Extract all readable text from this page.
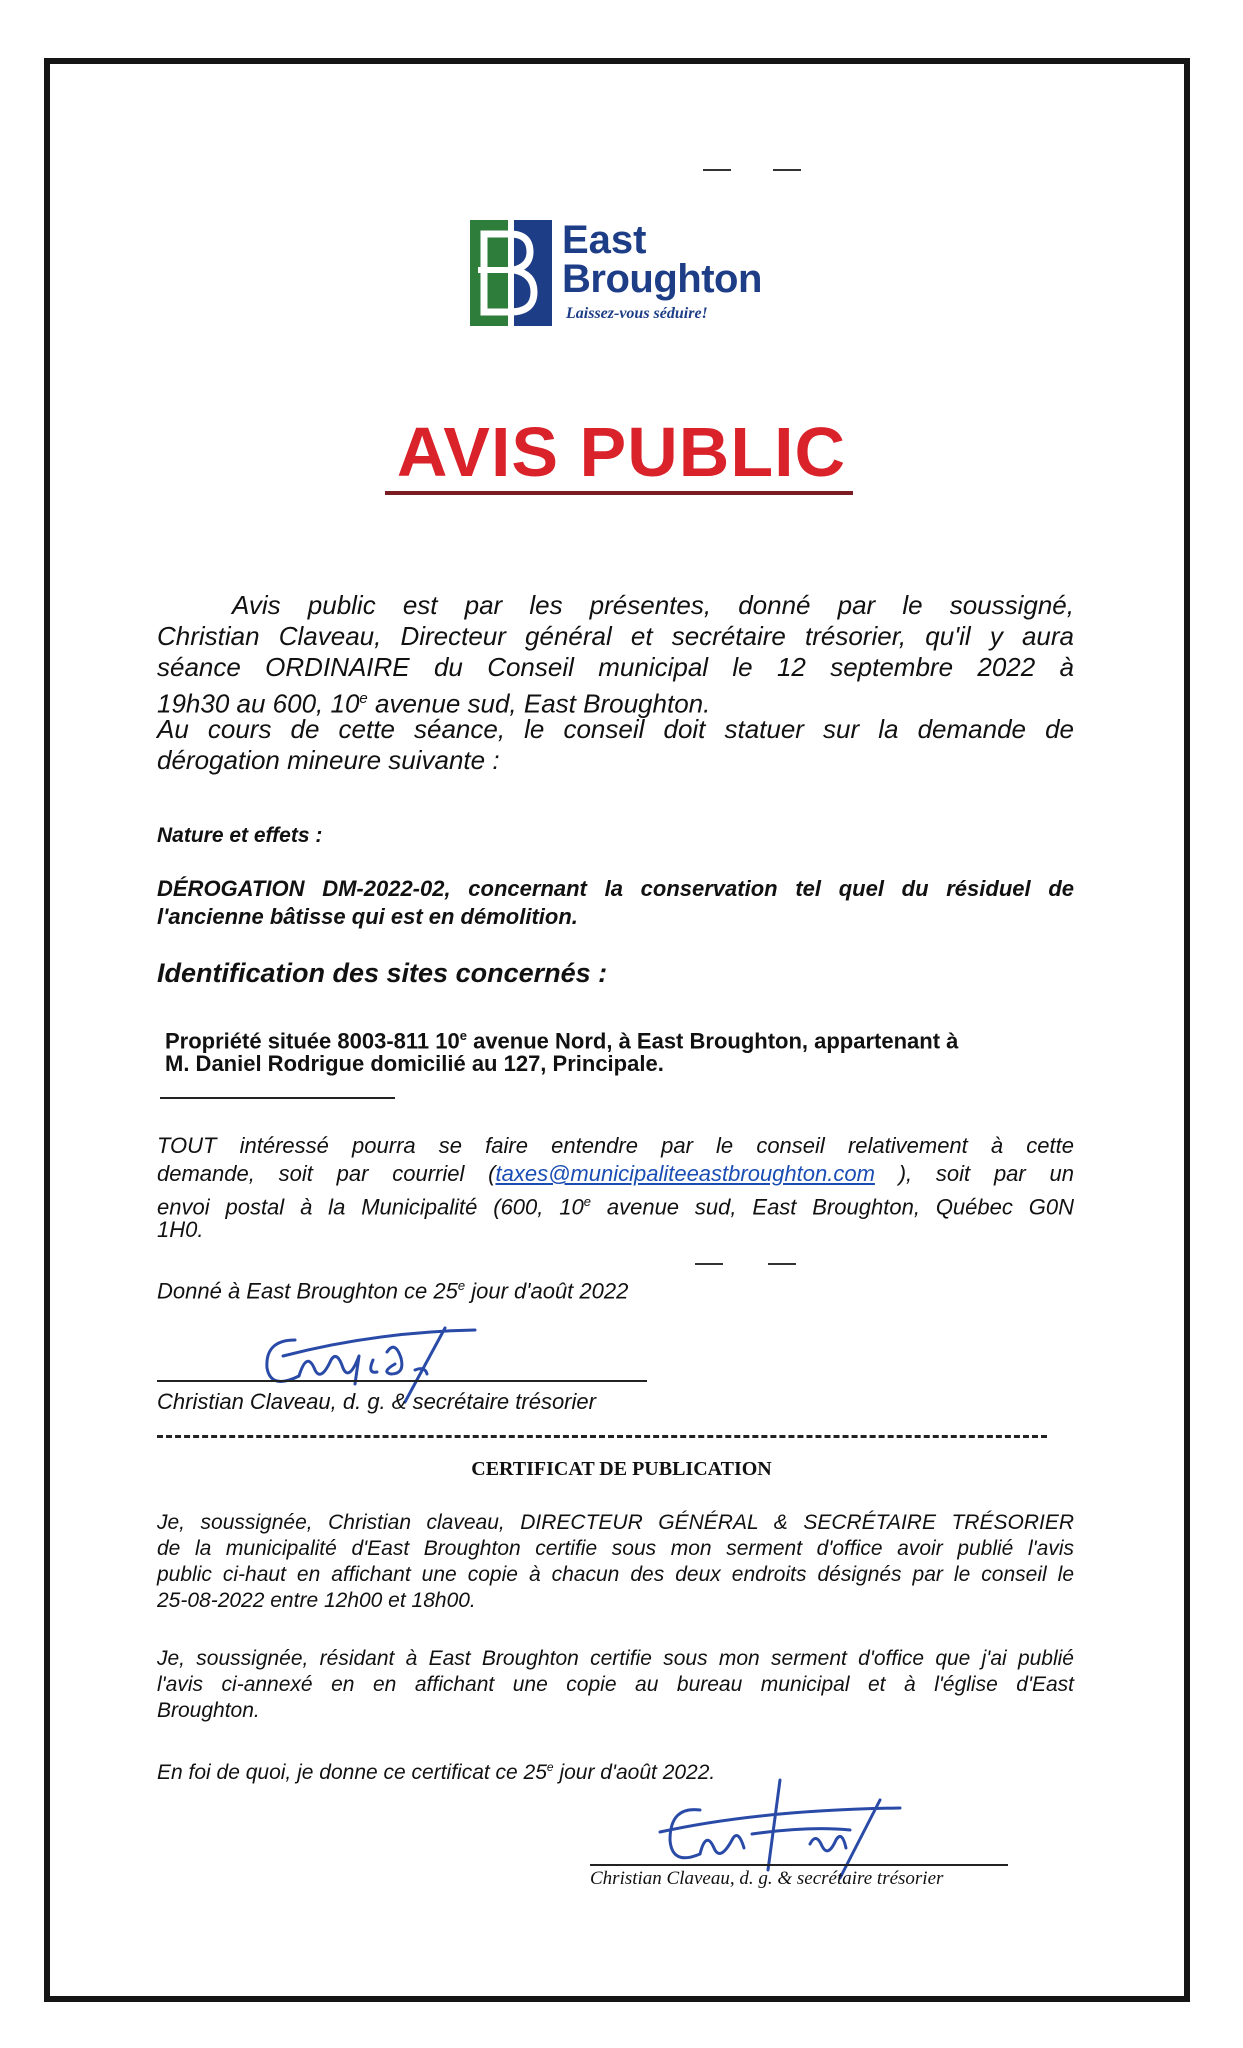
East
Broughton
Laissez-vous séduire!
AVIS PUBLIC
Avis public est par les présentes, donné par le soussigné,
Christian Claveau, Directeur général et secrétaire trésorier, qu'il y aura
séance ORDINAIRE du Conseil municipal le 12 septembre 2022 à
19h30 au 600, 10e avenue sud, East Broughton.
Au cours de cette séance, le conseil doit statuer sur la demande de
dérogation mineure suivante :
Nature et effets :
DÉROGATION DM-2022-02, concernant la conservation tel quel du résiduel de
l'ancienne bâtisse qui est en démolition.
Identification des sites concernés :
Propriété située 8003-811 10e avenue Nord, à East Broughton, appartenant à
M. Daniel Rodrigue domicilié au 127, Principale.
TOUT intéressé pourra se faire entendre par le conseil relativement à cette
demande, soit par courriel (taxes@municipaliteeastbroughton.com ), soit par un
envoi postal à la Municipalité (600, 10e avenue sud, East Broughton, Québec G0N
1H0.
Donné à East Broughton ce 25e jour d'août 2022
Christian Claveau, d. g. & secrétaire trésorier
CERTIFICAT DE PUBLICATION
Je, soussignée, Christian claveau, DIRECTEUR GÉNÉRAL & SECRÉTAIRE TRÉSORIER
de la municipalité d'East Broughton certifie sous mon serment d'office avoir publié l'avis
public ci-haut en affichant une copie à chacun des deux endroits désignés par le conseil le
25-08-2022 entre 12h00 et 18h00.
Je, soussignée, résidant à East Broughton certifie sous mon serment d'office que j'ai publié
l'avis ci-annexé en en affichant une copie au bureau municipal et à l'église d'East
Broughton.
En foi de quoi, je donne ce certificat ce 25e jour d'août 2022.
Christian Claveau, d. g. & secrétaire trésorier
